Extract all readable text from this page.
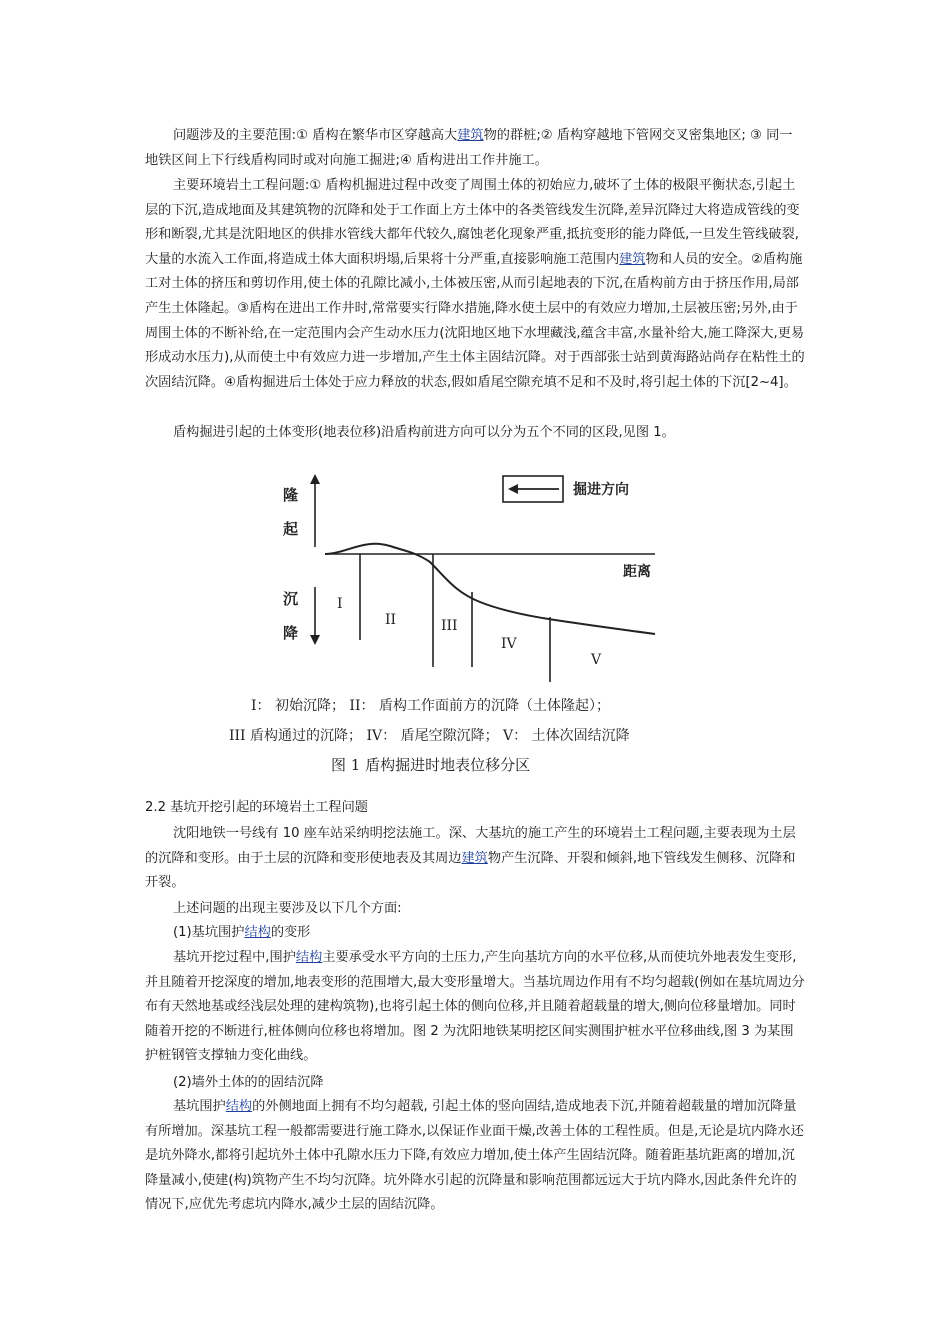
问题涉及的主要范围:① 盾构在繁华市区穿越高大建筑物的群桩;② 盾构穿越地下管网交叉密集地区; ③ 同一地铁区间上下行线盾构同时或对向施工掘进;④ 盾构进出工作井施工。

主要环境岩土工程问题:① 盾构机掘进过程中改变了周围土体的初始应力,破坏了土体的极限平衡状态,引起土层的下沉,造成地面及其建筑物的沉降和处于工作面上方土体中的各类管线发生沉降,差异沉降过大将造成管线的变形和断裂,尤其是沈阳地区的供排水管线大都年代较久,腐蚀老化现象严重,抵抗变形的能力降低,一旦发生管线破裂,大量的水流入工作面,将造成土体大面积坍塌,后果将十分严重,直接影响施工范围内建筑物和人员的安全。②盾构施工对土体的挤压和剪切作用,使土体的孔隙比减小,土体被压密,从而引起地表的下沉,在盾构前方由于挤压作用,局部产生土体隆起。③盾构在进出工作井时,常常要实行降水措施,降水使土层中的有效应力增加,土层被压密;另外,由于周围土体的不断补给,在一定范围内会产生动水压力(沈阳地区地下水埋藏浅,蕴含丰富,水量补给大,施工降深大,更易形成动水压力),从而使土中有效应力进一步增加,产生土体主固结沉降。对于西部张士站到黄海路站尚存在粘性土的次固结沉降。④盾构掘进后土体处于应力释放的状态,假如盾尾空隙充填不足和不及时,将引起土体的下沉[2~4]。

盾构掘进引起的土体变形(地表位移)沿盾构前进方向可以分为五个不同的区段,见图 1。

隆
起
沉
降
距离
掘进方向
I
II	III
IV
V
I： 初始沉降； II： 盾构工作面前方的沉降（土体隆起）；
III 盾构通过的沉降； IV： 盾尾空隙沉降； V： 土体次固结沉降
图 1 盾构掘进时地表位移分区

2.2 基坑开挖引起的环境岩土工程问题

沈阳地铁一号线有 10 座车站采纳明挖法施工。深、大基坑的施工产生的环境岩土工程问题,主要表现为土层的沉降和变形。由于土层的沉降和变形使地表及其周边建筑物产生沉降、开裂和倾斜,地下管线发生侧移、沉降和开裂。

上述问题的出现主要涉及以下几个方面:

(1)基坑围护结构的变形

基坑开挖过程中,围护结构主要承受水平方向的土压力,产生向基坑方向的水平位移,从而使坑外地表发生变形,并且随着开挖深度的增加,地表变形的范围增大,最大变形量增大。当基坑周边作用有不均匀超载(例如在基坑周边分布有天然地基或经浅层处理的建构筑物),也将引起土体的侧向位移,并且随着超载量的增大,侧向位移量增加。同时随着开挖的不断进行,桩体侧向位移也将增加。图 2 为沈阳地铁某明挖区间实测围护桩水平位移曲线,图 3 为某围护桩钢管支撑轴力变化曲线。

(2)墙外土体的的固结沉降

基坑围护结构的外侧地面上拥有不均匀超载, 引起土体的竖向固结,造成地表下沉,并随着超载量的增加沉降量有所增加。深基坑工程一般都需要进行施工降水,以保证作业面干燥,改善土体的工程性质。但是,无论是坑内降水还是坑外降水,都将引起坑外土体中孔隙水压力下降,有效应力增加,使土体产生固结沉降。随着距基坑距离的增加,沉降量减小,使建(构)筑物产生不均匀沉降。坑外降水引起的沉降量和影响范围都远远大于坑内降水,因此条件允许的情况下,应优先考虑坑内降水,减少土层的固结沉降。
